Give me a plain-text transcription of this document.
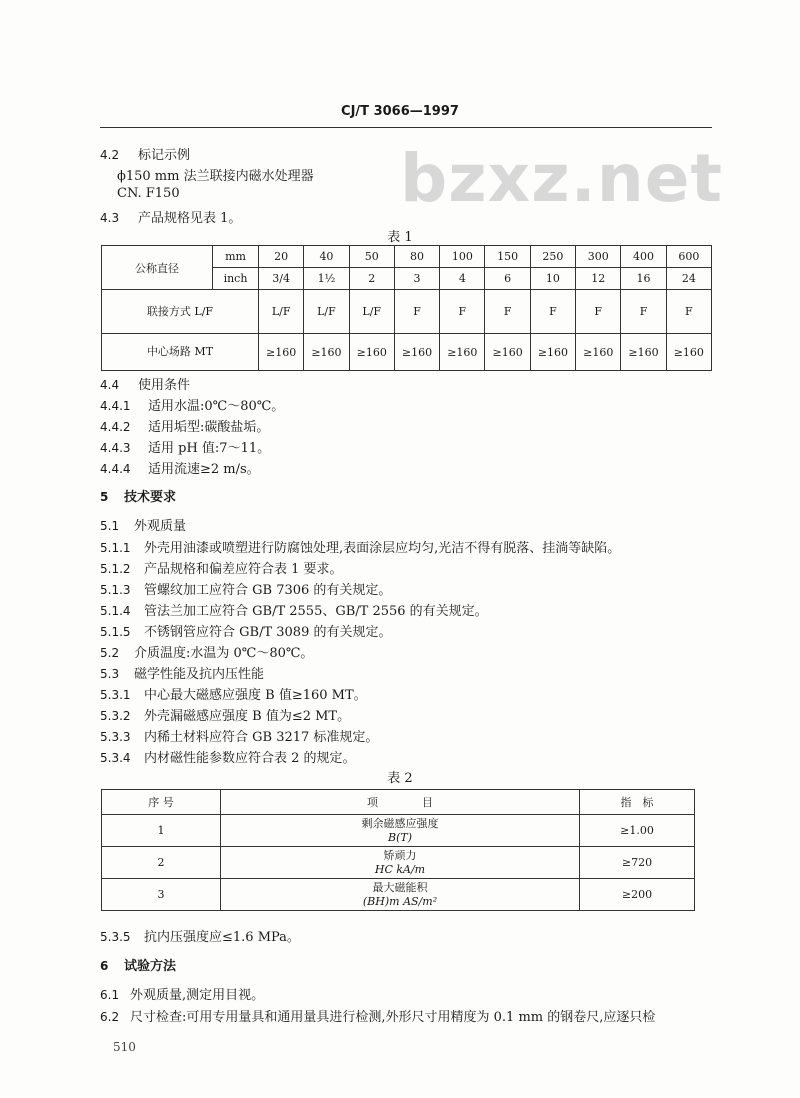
CJ/T 3066—1997
bzxz.net
4.2 标记示例
ϕ150 mm 法兰联接内磁水处理器
CN. F150
4.3 产品规格见表 1。
表 1
公称直径	mm	20	40	50	80	100	150	250	300	400	600
	inch	3/4	1½	2	3	4	6	10	12	16	24
联接方式 L/F		L/F	L/F	L/F	F	F	F	F	F	F	F
中心场路 MT		≥160	≥160	≥160	≥160	≥160	≥160	≥160	≥160	≥160	≥160
4.4 使用条件
4.4.1 适用水温:0℃～80℃。
4.4.2 适用垢型:碳酸盐垢。
4.4.3 适用 pH 值:7～11。
4.4.4 适用流速≥2 m/s。
5 技术要求
5.1 外观质量
5.1.1 外壳用油漆或喷塑进行防腐蚀处理,表面涂层应均匀,光洁不得有脱落、挂淌等缺陷。
5.1.2 产品规格和偏差应符合表 1 要求。
5.1.3 管螺纹加工应符合 GB 7306 的有关规定。
5.1.4 管法兰加工应符合 GB/T 2555、GB/T 2556 的有关规定。
5.1.5 不锈钢管应符合 GB/T 3089 的有关规定。
5.2 介质温度:水温为 0℃～80℃。
5.3 磁学性能及抗内压性能
5.3.1 中心最大磁感应强度 B 值≥160 MT。
5.3.2 外壳漏磁感应强度 B 值为≤2 MT。
5.3.3 内稀土材料应符合 GB 3217 标准规定。
5.3.4 内材磁性能参数应符合表 2 的规定。
表 2
序 号	项　　　　目	指　标
1	剩余磁感应强度
B(T)	≥1.00
2	矫顽力
HC kA/m	≥720
3	最大磁能积
(BH)m AS/m²	≥200
5.3.5 抗内压强度应≤1.6 MPa。
6 试验方法
6.1 外观质量,测定用目视。
6.2 尺寸检查:可用专用量具和通用量具进行检测,外形尺寸用精度为 0.1 mm 的钢卷尺,应逐只检
510
